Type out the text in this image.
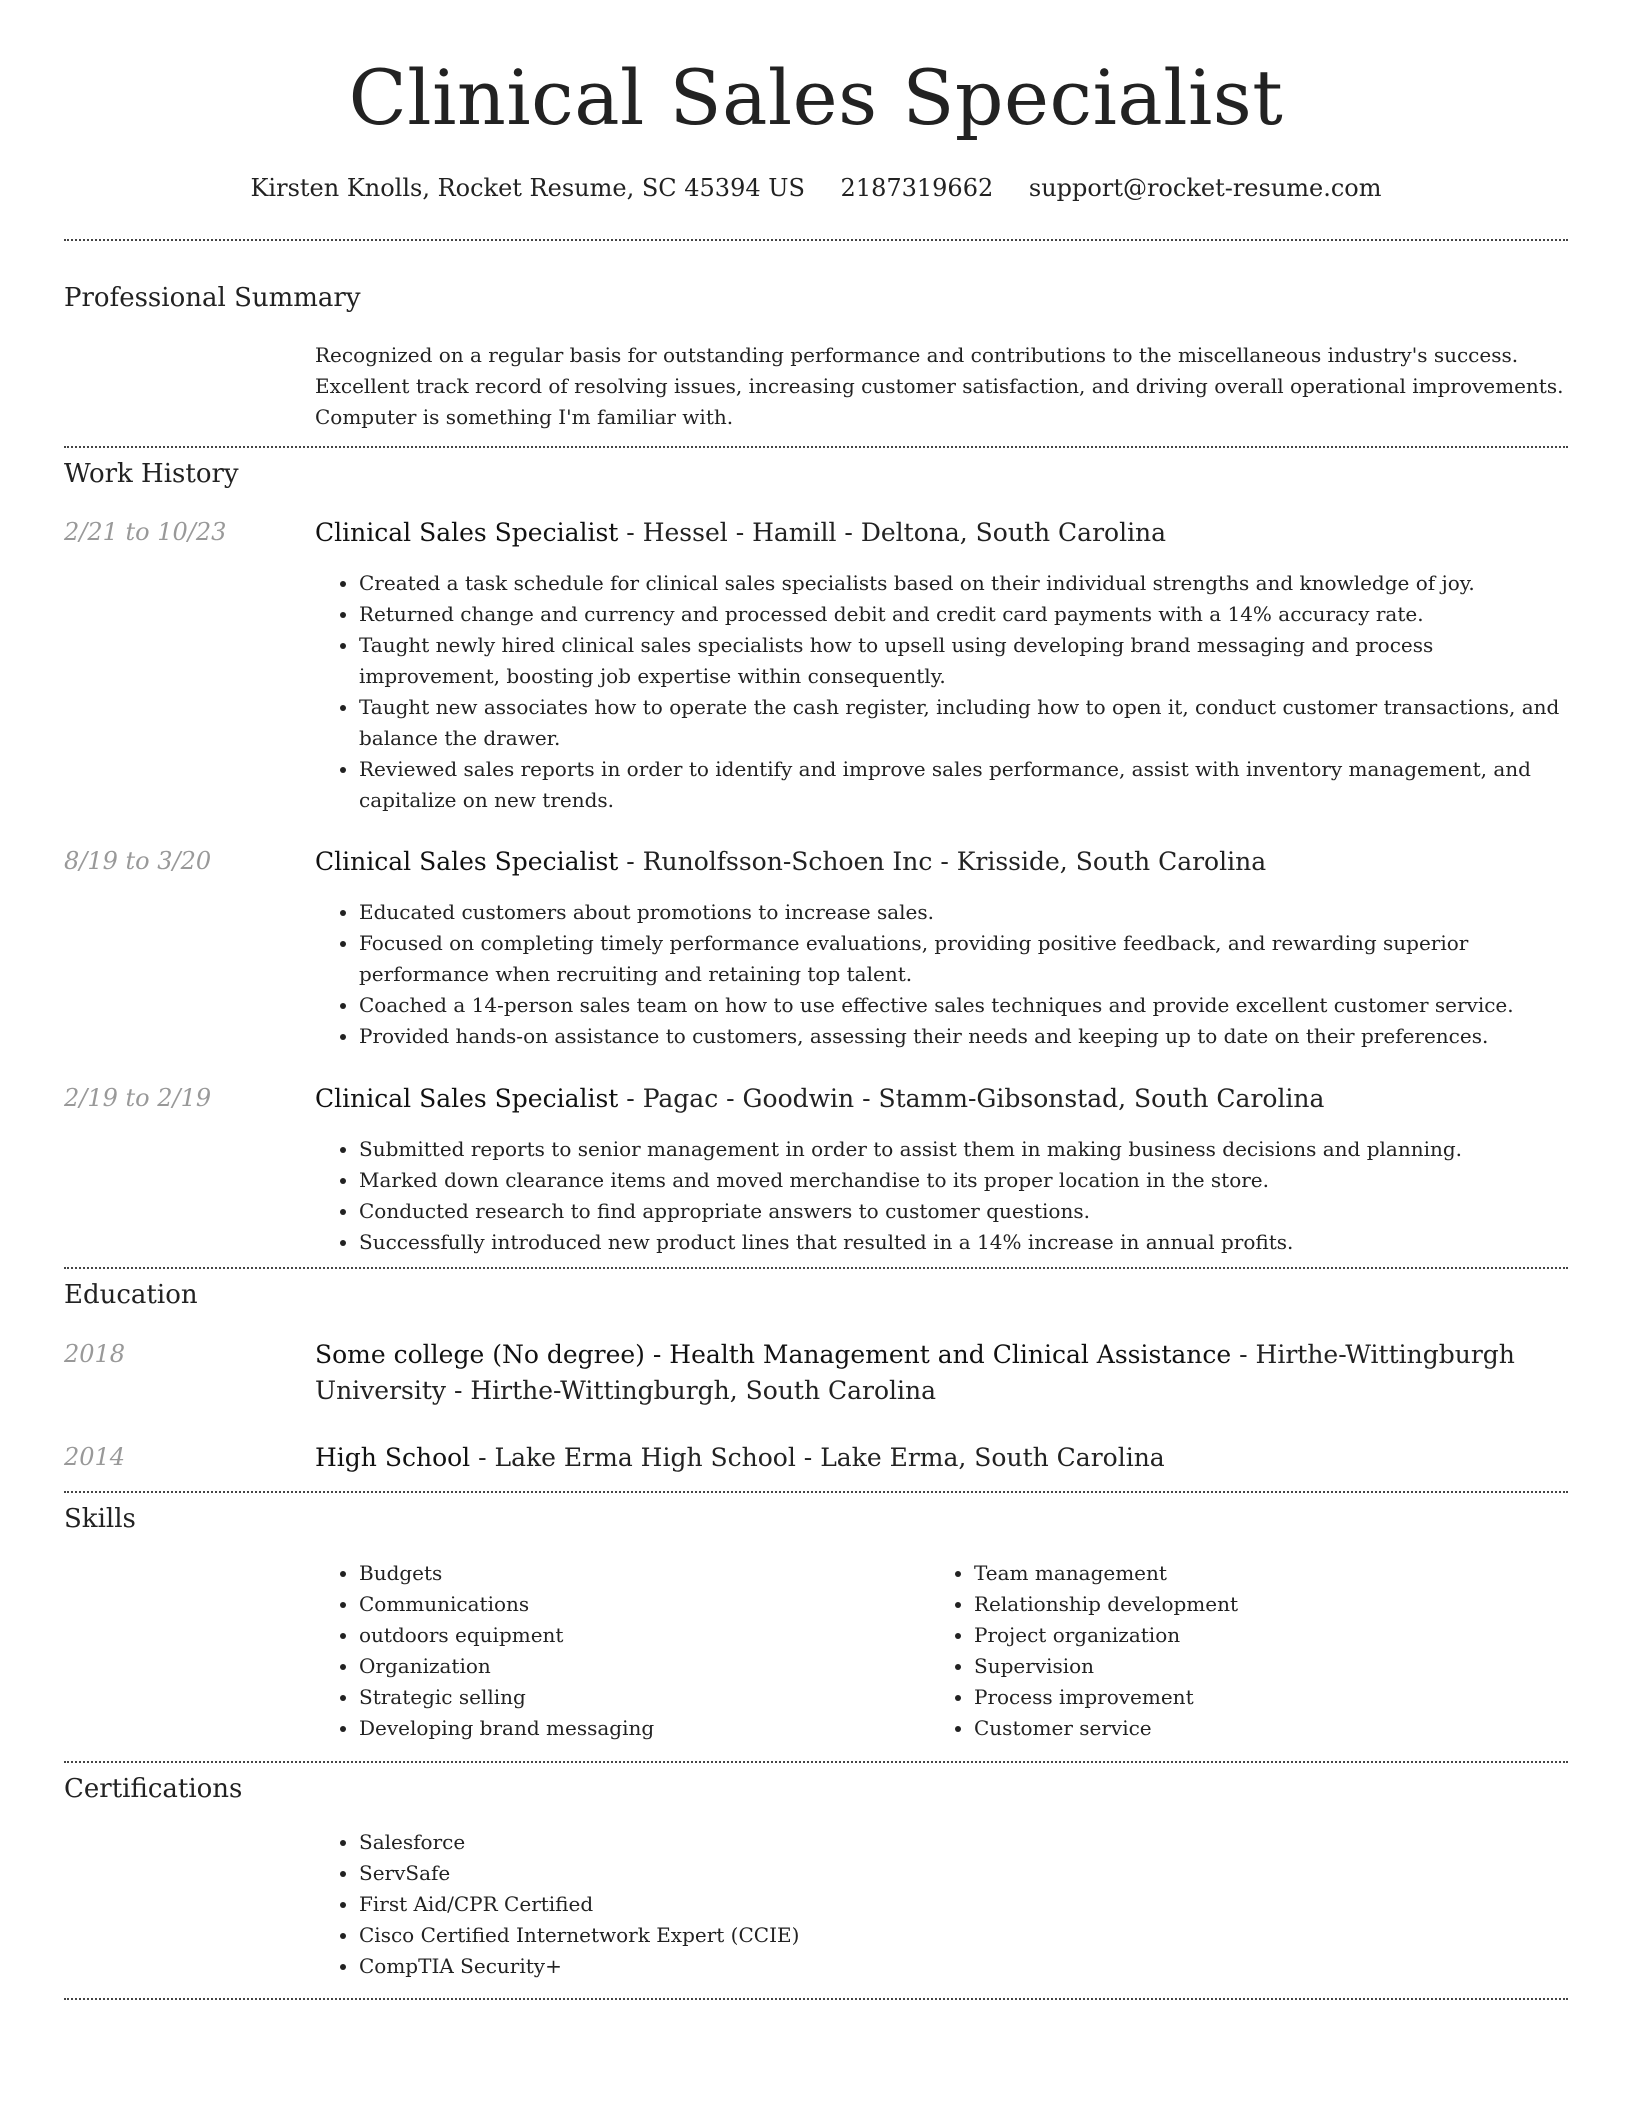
Clinical Sales Specialist
Kirsten Knolls, Rocket Resume, SC 45394 US 2187319662 support@rocket-resume.com
Professional Summary
Recognized on a regular basis for outstanding performance and contributions to the miscellaneous industry's success.
Excellent track record of resolving issues, increasing customer satisfaction, and driving overall operational improvements.
Computer is something I'm familiar with.
Work History
2/21 to 10/23	Clinical Sales Specialist - Hessel - Hamill - Deltona, South Carolina
• Created a task schedule for clinical sales specialists based on their individual strengths and knowledge of joy.
• Returned change and currency and processed debit and credit card payments with a 14% accuracy rate.
• Taught newly hired clinical sales specialists how to upsell using developing brand messaging and process improvement, boosting job expertise within consequently.
• Taught new associates how to operate the cash register, including how to open it, conduct customer transactions, and balance the drawer.
• Reviewed sales reports in order to identify and improve sales performance, assist with inventory management, and capitalize on new trends.
8/19 to 3/20	Clinical Sales Specialist - Runolfsson-Schoen Inc - Krisside, South Carolina
• Educated customers about promotions to increase sales.
• Focused on completing timely performance evaluations, providing positive feedback, and rewarding superior performance when recruiting and retaining top talent.
• Coached a 14-person sales team on how to use effective sales techniques and provide excellent customer service.
• Provided hands-on assistance to customers, assessing their needs and keeping up to date on their preferences.
2/19 to 2/19	Clinical Sales Specialist - Pagac - Goodwin - Stamm-Gibsonstad, South Carolina
• Submitted reports to senior management in order to assist them in making business decisions and planning.
• Marked down clearance items and moved merchandise to its proper location in the store.
• Conducted research to find appropriate answers to customer questions.
• Successfully introduced new product lines that resulted in a 14% increase in annual profits.
Education
2018	Some college (No degree) - Health Management and Clinical Assistance - Hirthe-Wittingburgh University - Hirthe-Wittingburgh, South Carolina
2014	High School - Lake Erma High School - Lake Erma, South Carolina
Skills
• Budgets
• Communications
• outdoors equipment
• Organization
• Strategic selling
• Developing brand messaging
• Team management
• Relationship development
• Project organization
• Supervision
• Process improvement
• Customer service
Certifications
• Salesforce
• ServSafe
• First Aid/CPR Certified
• Cisco Certified Internetwork Expert (CCIE)
• CompTIA Security+
